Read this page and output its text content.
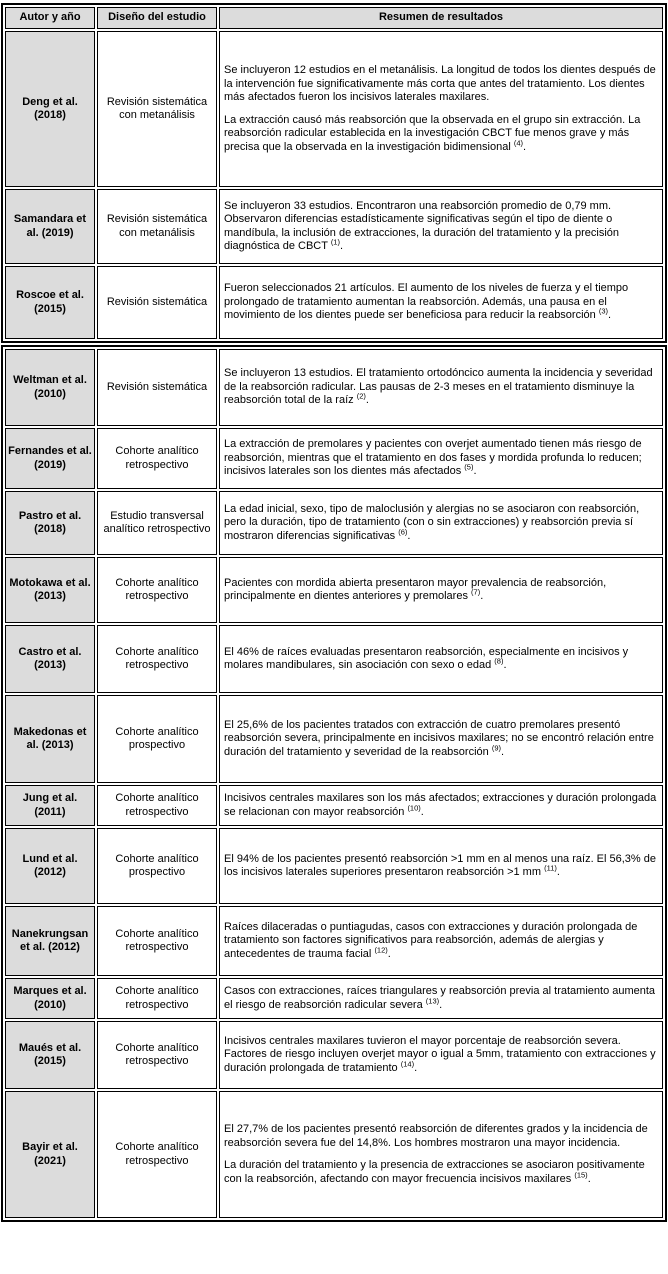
Autor y año	Diseño del estudio	Resumen de resultados
Deng et al. (2018)	Revisión sistemática con metanálisis	Se incluyeron 12 estudios en el metanálisis. La longitud de todos los dientes después de la intervención fue significativamente más corta que antes del tratamiento. Los dientes más afectados fueron los incisivos laterales maxilares.
La extracción causó más reabsorción que la observada en el grupo sin extracción. La reabsorción radicular establecida en la investigación CBCT fue menos grave y más precisa que la observada en la investigación bidimensional $^{(4)}$.

Samandara et al. (2019)	Revisión sistemática con metanálisis	Se incluyeron 33 estudios. Encontraron una reabsorción promedio de 0,79 mm. Observaron diferencias estadísticamente significativas según el tipo de diente o mandíbula, la inclusión de extracciones, la duración del tratamiento y la precisión diagnóstica de CBCT $^{(1)}$.

Roscoe et al. (2015)	Revisión sistemática	Fueron seleccionados 21 artículos. El aumento de los niveles de fuerza y el tiempo prolongado de tratamiento aumentan la reabsorción. Además, una pausa en el movimiento de los dientes puede ser beneficiosa para reducir la reabsorción $^{(3)}$.
Weltman et al. (2010)	Revisión sistemática	Se incluyeron 13 estudios. El tratamiento ortodóncico aumenta la incidencia y severidad de la reabsorción radicular. Las pausas de 2-3 meses en el tratamiento disminuye la reabsorción total de la raíz $^{(2)}$.

Fernandes et al. (2019)	Cohorte analítico retrospectivo	La extracción de premolares y pacientes con overjet aumentado tienen más riesgo de reabsorción, mientras que el tratamiento en dos fases y mordida profunda lo reducen; incisivos laterales son los dientes más afectados $^{(5)}$.

Pastro et al. (2018)	Estudio transversal analítico retrospectivo	La edad inicial, sexo, tipo de maloclusión y alergias no se asociaron con reabsorción, pero la duración, tipo de tratamiento (con o sin extracciones) y reabsorción previa sí mostraron diferencias significativas $^{(6)}$.

Motokawa et al. (2013)	Cohorte analítico retrospectivo	Pacientes con mordida abierta presentaron mayor prevalencia de reabsorción, principalmente en dientes anteriores y premolares $^{(7)}$.

Castro et al. (2013)	Cohorte analítico retrospectivo	El 46% de raíces evaluadas presentaron reabsorción, especialmente en incisivos y molares mandibulares, sin asociación con sexo o edad $^{(8)}$.

Makedonas et al. (2013)	Cohorte analítico prospectivo	El 25,6% de los pacientes tratados con extracción de cuatro premolares presentó reabsorción severa, principalmente en incisivos maxilares; no se encontró relación entre duración del tratamiento y severidad de la reabsorción $^{(9)}$.

Jung et al. (2011)	Cohorte analítico retrospectivo	Incisivos centrales maxilares son los más afectados; extracciones y duración prolongada se relacionan con mayor reabsorción $^{(10)}$.

Lund et al. (2012)	Cohorte analítico prospectivo	El 94% de los pacientes presentó reabsorción >1 mm en al menos una raíz. El 56,3% de los incisivos laterales superiores presentaron reabsorción >1 mm $^{(11)}$.

Nanekrungsan et al. (2012)	Cohorte analítico retrospectivo	Raíces dilaceradas o puntiagudas, casos con extracciones y duración prolongada de tratamiento son factores significativos para reabsorción, además de alergias y antecedentes de trauma facial $^{(12)}$.

Marques et al. (2010)	Cohorte analítico retrospectivo	Casos con extracciones, raíces triangulares y reabsorción previa al tratamiento aumenta el riesgo de reabsorción radicular severa $^{(13)}$.

Maués et al. (2015)	Cohorte analítico retrospectivo	Incisivos centrales maxilares tuvieron el mayor porcentaje de reabsorción severa. Factores de riesgo incluyen overjet mayor o igual a 5mm, tratamiento con extracciones y duración prolongada de tratamiento $^{(14)}$.

Bayir et al. (2021)	Cohorte analítico retrospectivo	El 27,7% de los pacientes presentó reabsorción de diferentes grados y la incidencia de reabsorción severa fue del 14,8%. Los hombres mostraron una mayor incidencia.
La duración del tratamiento y la presencia de extracciones se asociaron positivamente con la reabsorción, afectando con mayor frecuencia incisivos maxilares $^{(15)}$.
